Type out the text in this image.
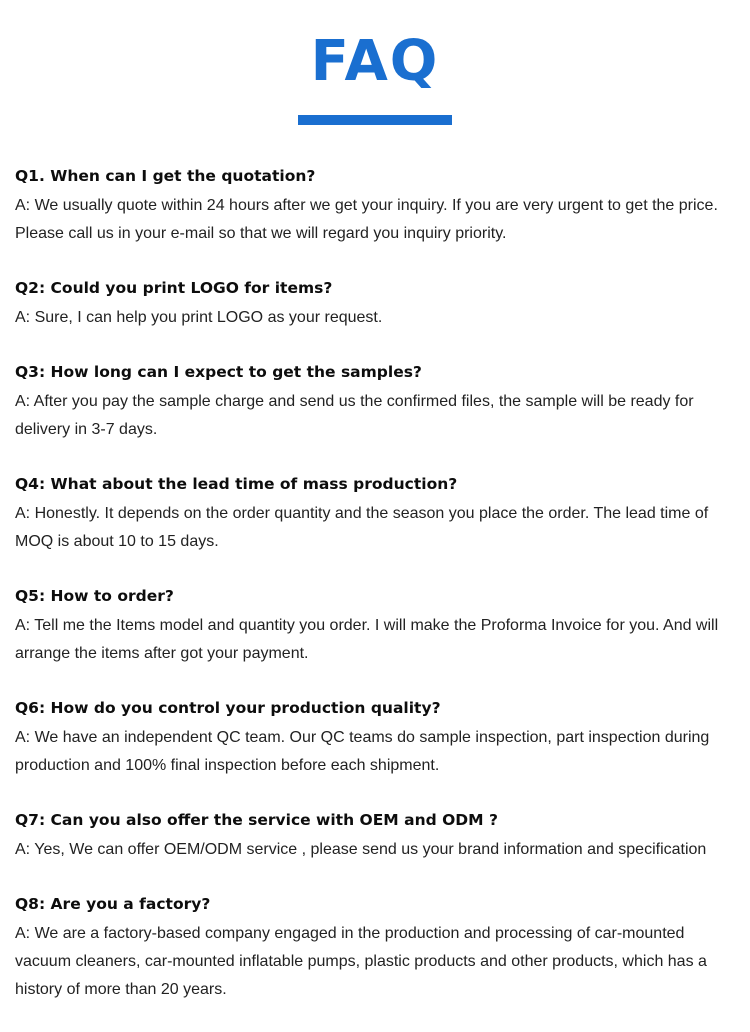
FAQ

Q1. When can I get the quotation?

A: We usually quote within 24 hours after we get your inquiry. If you are very urgent to get the price. Please call us in your e-mail so that we will regard you inquiry priority.

Q2: Could you print LOGO for items?

A: Sure, I can help you print LOGO as your request.

Q3: How long can I expect to get the samples?

A: After you pay the sample charge and send us the confirmed files, the sample will be ready for delivery in 3-7 days.

Q4: What about the lead time of mass production?

A: Honestly. It depends on the order quantity and the season you place the order. The lead time of MOQ is about 10 to 15 days.

Q5: How to order?

A: Tell me the Items model and quantity you order. I will make the Proforma Invoice for you. And will arrange the items after got your payment.

Q6: How do you control your production quality?

A: We have an independent QC team. Our QC teams do sample inspection, part inspection during production and 100% final inspection before each shipment.

Q7: Can you also offer the service with OEM and ODM ?

A: Yes, We can offer OEM/ODM service , please send us your brand information and specification

Q8: Are you a factory?

A: We are a factory-based company engaged in the production and processing of car-mounted vacuum cleaners, car-mounted inflatable pumps, plastic products and other products, which has a history of more than 20 years.
